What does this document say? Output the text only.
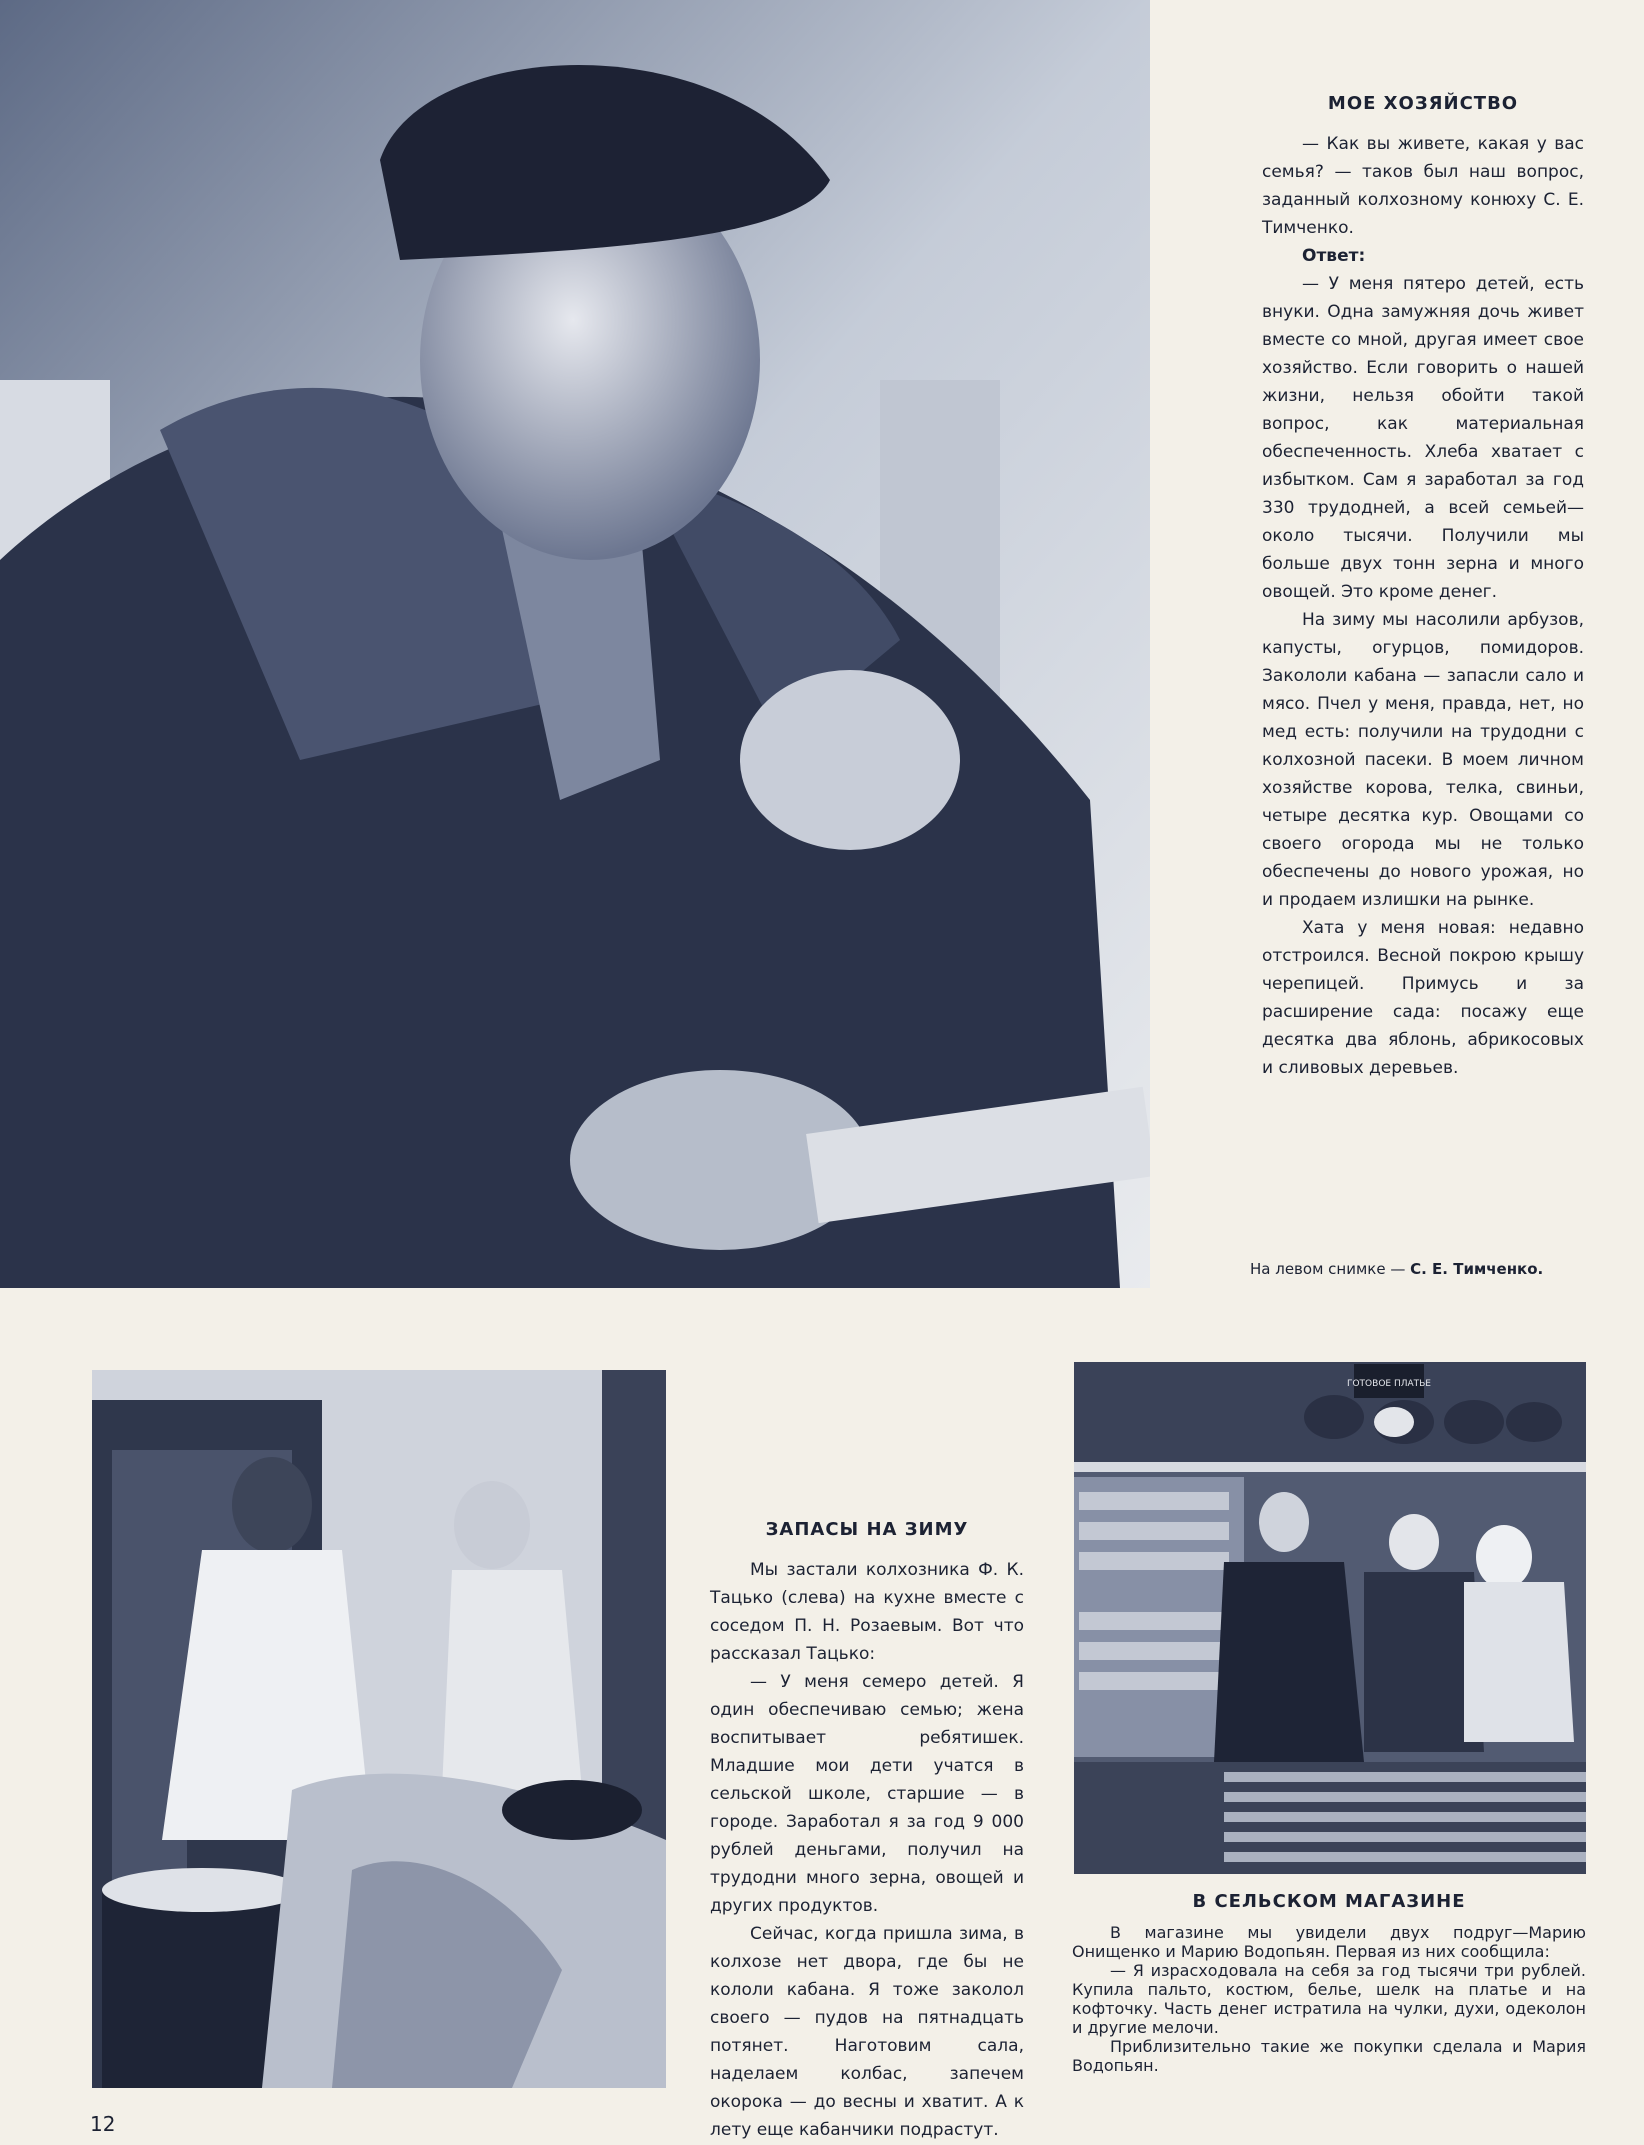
МОЕ ХОЗЯЙСТВО

— Как вы живете, какая у вас семья? — таков был наш вопрос, заданный колхозному конюху С. Е. Тимченко.

Ответ:

— У меня пятеро детей, есть внуки. Одна замужняя дочь живет вместе со мной, другая имеет свое хозяйство. Если говорить о нашей жизни, нельзя обойти такой вопрос, как материальная обеспеченность. Хлеба хватает с избытком. Сам я заработал за год 330 трудодней, а всей семьей—около тысячи. Получили мы больше двух тонн зерна и много овощей. Это кроме денег.

На зиму мы насолили арбузов, капусты, огурцов, помидоров. Закололи кабана — запасли сало и мясо. Пчел у меня, правда, нет, но мед есть: получили на трудодни с колхозной пасеки. В моем личном хозяйстве корова, телка, свиньи, четыре десятка кур. Овощами со своего огорода мы не только обеспечены до нового урожая, но и продаем излишки на рынке.

Хата у меня новая: недавно отстроился. Весной покрою крышу черепицей. Примусь и за расширение сада: посажу еще десятка два яблонь, абрикосовых и сливовых деревьев.

На левом снимке — С. Е. Тимченко.

ЗАПАСЫ НА ЗИМУ

Мы застали колхозника Ф. К. Тацько (слева) на кухне вместе с соседом П. Н. Розаевым. Вот что рассказал Тацько:

— У меня семеро детей. Я один обеспечиваю семью; жена воспитывает ребятишек. Младшие мои дети учатся в сельской школе, старшие — в городе. Заработал я за год 9 000 рублей деньгами, получил на трудодни много зерна, овощей и других продуктов.

Сейчас, когда пришла зима, в колхозе нет двора, где бы не кололи кабана. Я тоже заколол своего — пудов на пятнадцать потянет. Наготовим сала, наделаем колбас, запечем окорока — до весны и хватит. А к лету еще кабанчики подрастут.

ГОТОВОЕ ПЛАТЬЕ

В СЕЛЬСКОМ МАГАЗИНЕ

В магазине мы увидели двух подруг—Марию Онищенко и Марию Водопьян. Первая из них сообщила:

— Я израсходовала на себя за год тысячи три рублей. Купила пальто, костюм, белье, шелк на платье и на кофточку. Часть денег истратила на чулки, духи, одеколон и другие мелочи.

Приблизительно такие же покупки сделала и Мария Водопьян.

12
